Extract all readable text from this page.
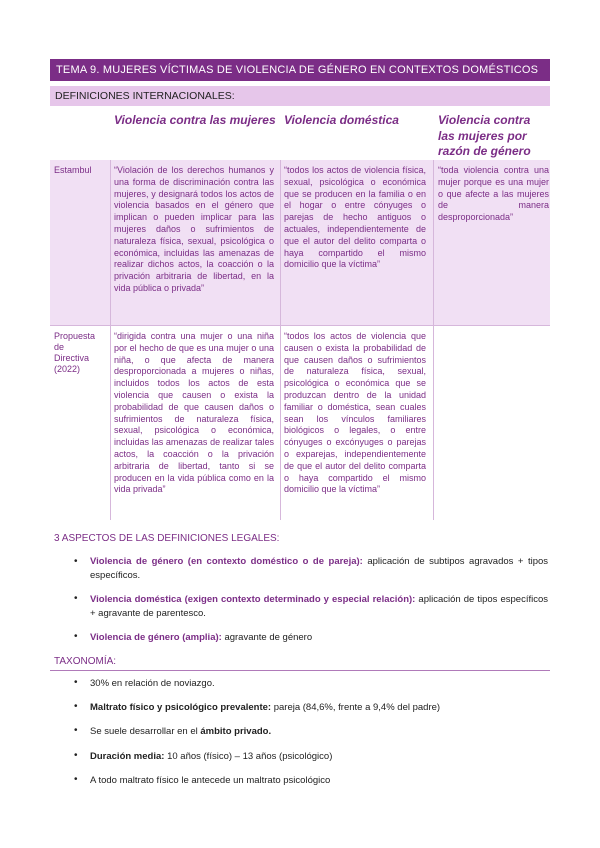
TEMA 9. MUJERES VÍCTIMAS DE VIOLENCIA DE GÉNERO EN CONTEXTOS DOMÉSTICOS
DEFINICIONES INTERNACIONALES:
Violencia contra las mujeres Violencia doméstica	Violencia contra las mujeres por razón de género
Estambul	“Violación de los derechos humanos y una forma de discriminación contra las mujeres, y designará todos los actos de violencia basados en el género que implican o pueden implicar para las mujeres daños o sufrimientos de naturaleza física, sexual, psicológica o económica, incluidas las amenazas de realizar dichos actos, la coacción o la privación arbitraria de libertad, en la vida pública o privada”
“todos los actos de violencia física, sexual, psicológica o económica que se producen en la familia o en el hogar o entre cónyuges o parejas de hecho antiguos o actuales, independientemente de que el autor del delito comparta o haya compartido el mismo domicilio que la víctima”
“toda violencia contra una mujer porque es una mujer o que afecte a las mujeres de manera desproporcionada”
Propuesta de Directiva (2022)
“dirigida contra una mujer o una niña por el hecho de que es una mujer o una niña, o que afecta de manera desproporcionada a mujeres o niñas, incluidos todos los actos de esta violencia que causen o exista la probabilidad de que causen daños o sufrimientos de naturaleza física, sexual, psicológica o económica, incluidas las amenazas de realizar tales actos, la coacción o la privación arbitraria de libertad, tanto si se producen en la vida pública como en la vida privada”
“todos los actos de violencia que causen o exista la probabilidad de que causen daños o sufrimientos de naturaleza física, sexual, psicológica o económica que se produzcan dentro de la unidad familiar o doméstica, sean cuales sean los vínculos familiares biológicos o legales, o entre cónyuges o excónyuges o parejas o exparejas, independientemente de que el autor del delito comparta o haya compartido el mismo domicilio que la víctima”
3 ASPECTOS DE LAS DEFINICIONES LEGALES:
• Violencia de género (en contexto doméstico o de pareja): aplicación de subtipos agravados + tipos específicos.
• Violencia doméstica (exigen contexto determinado y especial relación): aplicación de tipos específicos + agravante de parentesco.
• Violencia de género (amplia): agravante de género
TAXONOMÍA:
• 30% en relación de noviazgo.
• Maltrato físico y psicológico prevalente: pareja (84,6%, frente a 9,4% del padre)
• Se suele desarrollar en el ámbito privado.
• Duración media: 10 años (físico) – 13 años (psicológico)
• A todo maltrato físico le antecede un maltrato psicológico
